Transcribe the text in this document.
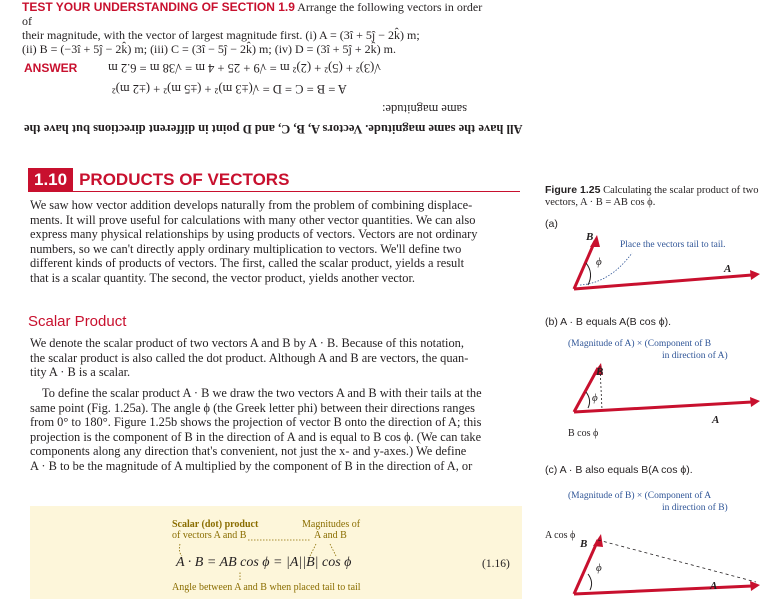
TEST YOUR UNDERSTANDING OF SECTION 1.9 Arrange the following vectors in order of
their magnitude, with the vector of largest magnitude first. (i) A = (3î + 5ĵ − 2k̂) m;
(ii) B = (−3î + 5ĵ − 2k̂) m; (iii) C = (3î − 5ĵ − 2k̂) m; (iv) D = (3î + 5ĵ + 2k̂) m.
ANSWER √(3)² + (5)² + (2)² m = √9 + 25 + 4 m = √38 m = 6.2 m
A = B = C = D = √(±3 m)² + (±5 m)² + (±2 m)²
same magnitude:
All have the same magnitude. Vectors A, B, C, and D point in different directions but have the
1.10 PRODUCTS OF VECTORS
We saw how vector addition develops naturally from the problem of combining displace-
ments. It will prove useful for calculations with many other vector quantities. We can also
express many physical relationships by using products of vectors. Vectors are not ordinary
numbers, so we can't directly apply ordinary multiplication to vectors. We'll define two
different kinds of products of vectors. The first, called the scalar product, yields a result
that is a scalar quantity. The second, the vector product, yields another vector.
Scalar Product
We denote the scalar product of two vectors A and B by A · B. Because of this notation,
the scalar product is also called the dot product. Although A and B are vectors, the quan-
tity A · B is a scalar.
To define the scalar product A · B we draw the two vectors A and B with their tails at the
same point (Fig. 1.25a). The angle ϕ (the Greek letter phi) between their directions ranges
from 0° to 180°. Figure 1.25b shows the projection of vector B onto the direction of A; this
projection is the component of B in the direction of A and is equal to B cos ϕ. (We can take
components along any direction that's convenient, not just the x- and y-axes.) We define
A · B to be the magnitude of A multiplied by the component of B in the direction of A, or
Scalar (dot) product
of vectors A and B
Magnitudes of
A and B
A · B = AB cos ϕ = |A||B| cos ϕ	(1.16)
Angle between A and B when placed tail to tail
Figure 1.25 Calculating the scalar product of two vectors, A · B = AB cos ϕ.
(a)
Place the vectors tail to tail.
B
ϕ
A
(b) A · B equals A(B cos ϕ).
(Magnitude of A) × (Component of B
in direction of A)
B
ϕ
A
B cos ϕ
(c) A · B also equals B(A cos ϕ).
(Magnitude of B) × (Component of A
in direction of B)
A cos ϕ
B
ϕ
A
